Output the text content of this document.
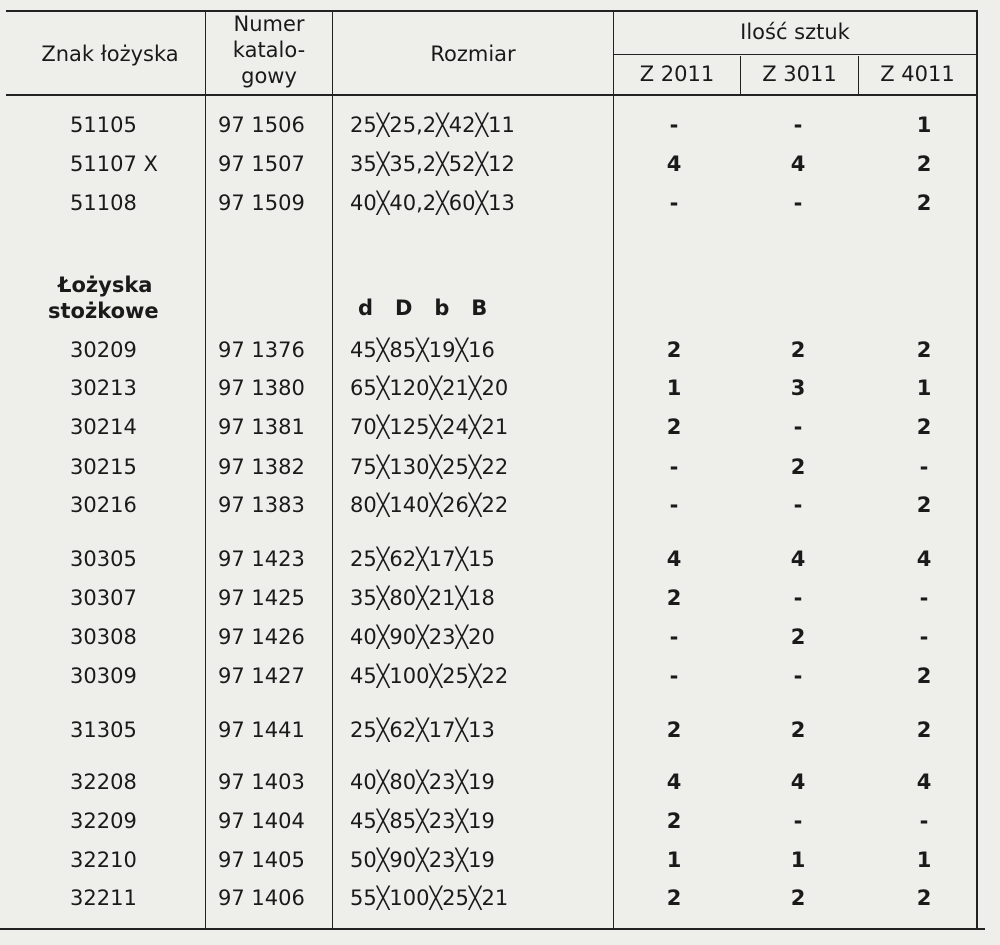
Znak łożyska
Numer
katalo-
gowy
Rozmiar
Ilość sztuk
Z 2011	Z 3011	Z 4011
51105	97 1506	25╳25,2╳42╳11	-	-	1
51107 X	97 1507	35╳35,2╳52╳12	4	4	2
51108	97 1509	40╳40,2╳60╳13	-	-	2
Łożyska
stożkowe	d   D   b   B
30209	97 1376	45╳85╳19╳16	2	2	2
30213	97 1380	65╳120╳21╳20	1	3	1
30214	97 1381	70╳125╳24╳21	2	-	2
30215	97 1382	75╳130╳25╳22	-	2	-
30216	97 1383	80╳140╳26╳22	-	-	2
30305	97 1423	25╳62╳17╳15	4	4	4
30307	97 1425	35╳80╳21╳18	2	-	-
30308	97 1426	40╳90╳23╳20	-	2	-
30309	97 1427	45╳100╳25╳22	-	-	2
31305	97 1441	25╳62╳17╳13	2	2	2
32208	97 1403	40╳80╳23╳19	4	4	4
32209	97 1404	45╳85╳23╳19	2	-	-
32210	97 1405	50╳90╳23╳19	1	1	1
32211	97 1406	55╳100╳25╳21	2	2	2
